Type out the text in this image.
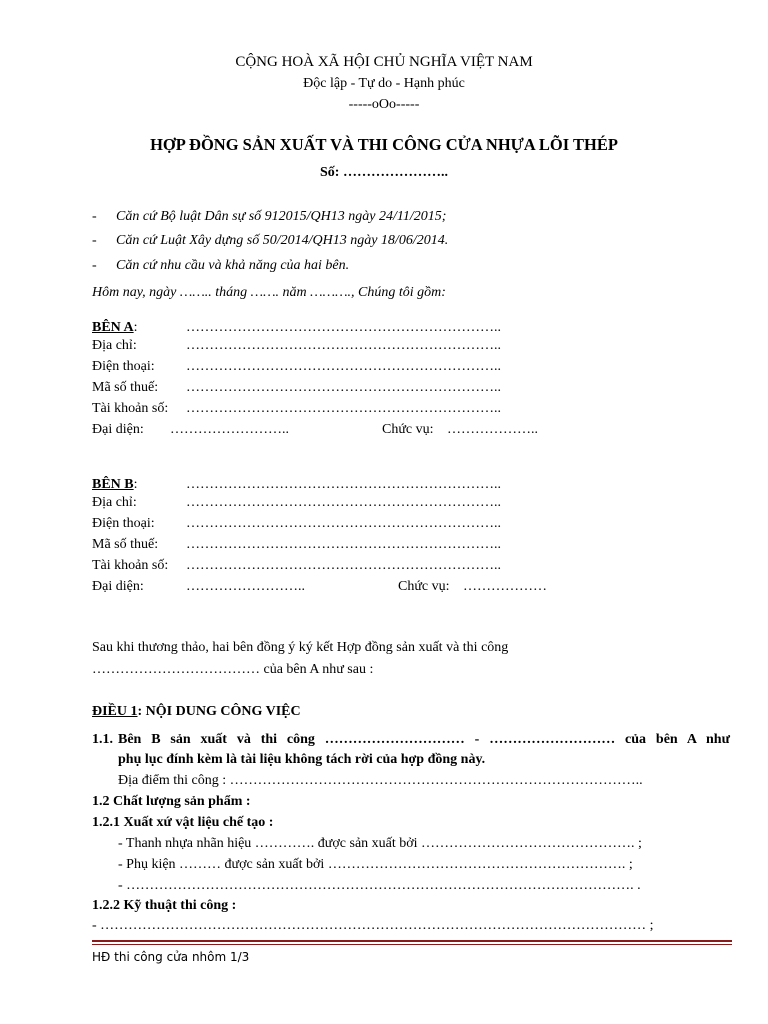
CỘNG HOÀ XÃ HỘI CHỦ NGHĨA VIỆT NAM
Độc lập - Tự do - Hạnh phúc
-----oOo-----
HỢP ĐỒNG SẢN XUẤT VÀ THI CÔNG CỬA NHỰA LÕI THÉP
Số: …………………..
- Căn cứ Bộ luật Dân sự số 912015/QH13 ngày 24/11/2015;
- Căn cứ Luật Xây dựng số 50/2014/QH13 ngày 18/06/2014.
- Căn cứ nhu cầu và khả năng của hai bên.
Hôm nay, ngày …….. tháng ……. năm ………., Chúng tôi gồm:
BÊN A:	…………………………………………………………..
Địa chỉ:	…………………………………………………………..
Điện thoại: …………………………………………………………..
Mã số thuế: …………………………………………………………..
Tài khoản số: …………………………………………………………..
Đại diện: ……………………..	Chức vụ: ………………..
BÊN B:	…………………………………………………………..
Địa chỉ:	…………………………………………………………..
Điện thoại: …………………………………………………………..
Mã số thuế: …………………………………………………………..
Tài khoản số: …………………………………………………………..
Đại diện:	……………………..	Chức vụ: ………………
Sau khi thương thảo, hai bên đồng ý ký kết Hợp đồng sản xuất và thi công
……………………………… của bên A như sau :
ĐIỀU 1: NỘI DUNG CÔNG VIỆC
1.1. Bên B sản xuất và thi công ………………………… - ……………………… của bên A như
phụ lục đính kèm là tài liệu không tách rời của hợp đồng này.
Địa điểm thi công : ……………………………………………………………………………..
1.2 Chất lượng sản phẩm :
1.2.1 Xuất xứ vật liệu chế tạo :
- Thanh nhựa nhãn hiệu …………. được sản xuất bởi ………………………………………. ;
- Phụ kiện ……… được sản xuất bởi ………………………………………………………. ;
- ………………………………………………………………………………………………. .
1.2.2 Kỹ thuật thi công :
- ……………………………………………………………………………………………………… ;
HĐ thi công cửa nhôm 1/3
